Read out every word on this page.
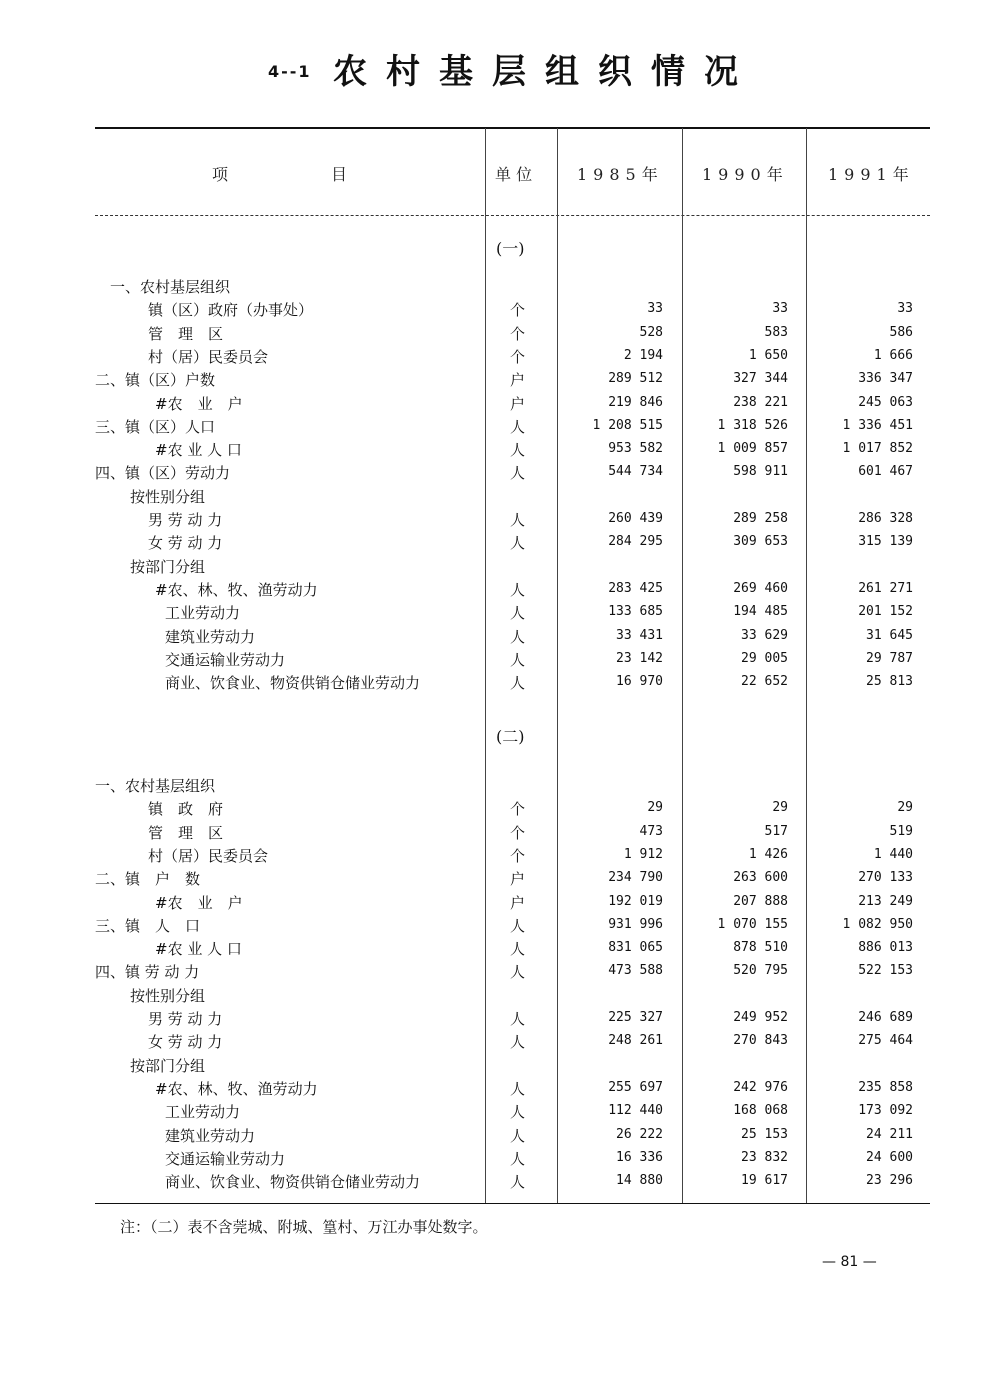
4--1 农村基层组织情况
项　　　　　　目	单 位	1985年 1990年 1991年
(一)
(二)
一、农村基层组织
镇（区）政府（办事处）	个	33	33	33
管　理　区	个	528	583	586
村（居）民委员会	个	2 194	1 650	1 666
二、镇（区）户数	户	289 512	327 344	336 347
#农　业　户	户	219 846	238 221	245 063
三、镇（区）人口	人	1 208 515	1 318 526	1 336 451
#农 业 人 口	人	953 582	1 009 857	1 017 852
四、镇（区）劳动力	人	544 734	598 911	601 467
按性别分组
男 劳 动 力	人	260 439	289 258	286 328
女 劳 动 力	人	284 295	309 653	315 139
按部门分组
#农、林、牧、渔劳动力	人	283 425	269 460	261 271
工业劳动力	人	133 685	194 485	201 152
建筑业劳动力	人	33 431	33 629	31 645
交通运输业劳动力	人	23 142	29 005	29 787
商业、饮食业、物资供销仓储业劳动力	人	16 970	22 652	25 813
一、农村基层组织
镇　政　府	个	29	29	29
管　理　区	个	473	517	519
村（居）民委员会	个	1 912	1 426	1 440
二、镇　户　数	户	234 790	263 600	270 133
#农　业　户	户	192 019	207 888	213 249
三、镇　人　口	人	931 996	1 070 155	1 082 950
#农 业 人 口	人	831 065	878 510	886 013
四、镇 劳 动 力	人	473 588	520 795	522 153
按性别分组
男 劳 动 力	人	225 327	249 952	246 689
女 劳 动 力	人	248 261	270 843	275 464
按部门分组
#农、林、牧、渔劳动力	人	255 697	242 976	235 858
工业劳动力	人	112 440	168 068	173 092
建筑业劳动力	人	26 222	25 153	24 211
交通运输业劳动力	人	16 336	23 832	24 600
商业、饮食业、物资供销仓储业劳动力	人	14 880	19 617	23 296
注：（二）表不含莞城、附城、篁村、万江办事处数字。
— 81 —
